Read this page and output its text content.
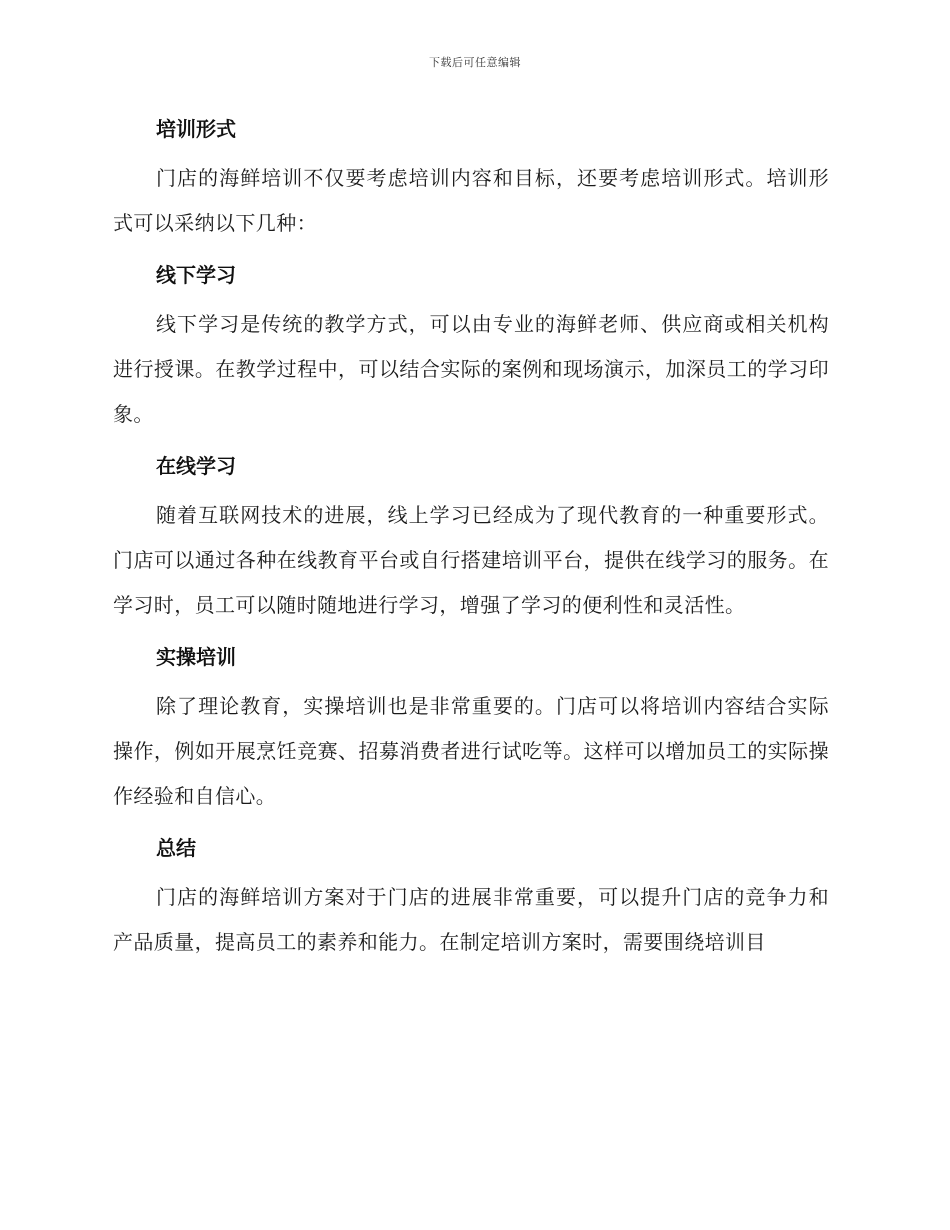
下载后可任意编辑
培训形式

门店的海鲜培训不仅要考虑培训内容和目标，还要考虑培训形式。培训形式可以采纳以下几种：

线下学习

线下学习是传统的教学方式，可以由专业的海鲜老师、供应商或相关机构进行授课。在教学过程中，可以结合实际的案例和现场演示，加深员工的学习印象。

在线学习

随着互联网技术的进展，线上学习已经成为了现代教育的一种重要形式。门店可以通过各种在线教育平台或自行搭建培训平台，提供在线学习的服务。在学习时，员工可以随时随地进行学习，增强了学习的便利性和灵活性。

实操培训

除了理论教育，实操培训也是非常重要的。门店可以将培训内容结合实际操作，例如开展烹饪竞赛、招募消费者进行试吃等。这样可以增加员工的实际操作经验和自信心。

总结

门店的海鲜培训方案对于门店的进展非常重要，可以提升门店的竞争力和产品质量，提高员工的素养和能力。在制定培训方案时，需要围绕培训目
